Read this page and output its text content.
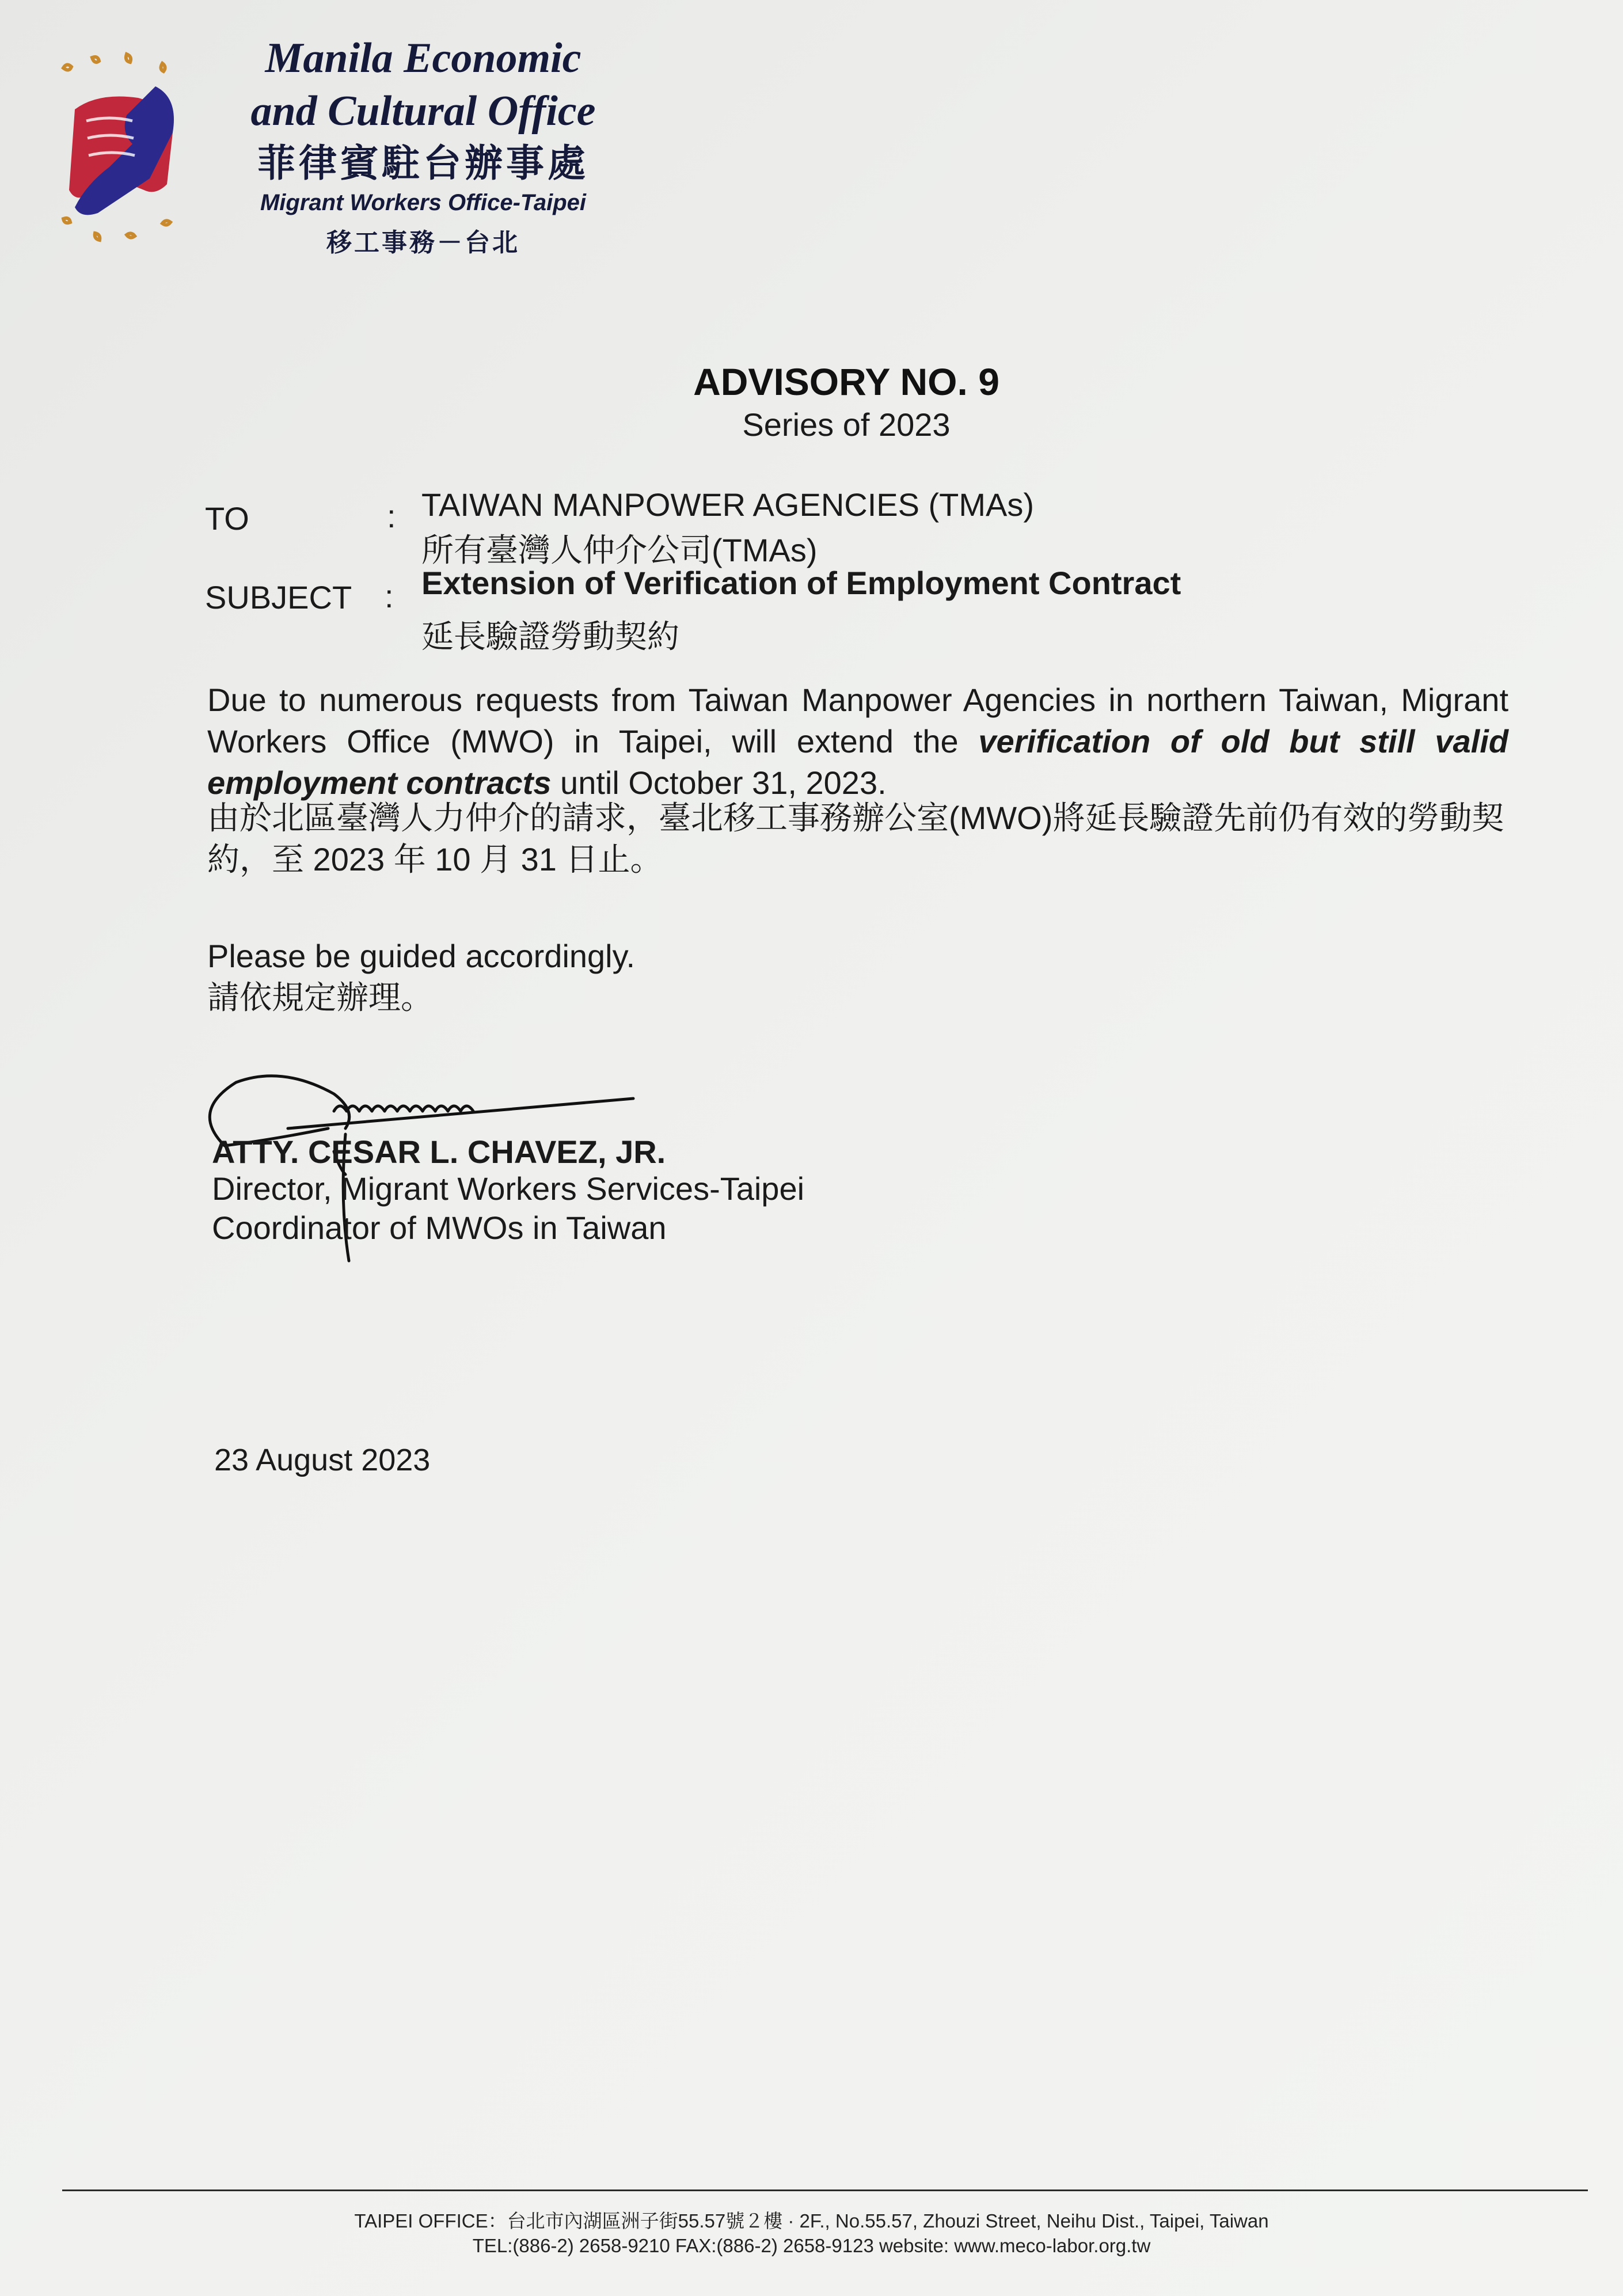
Manila Economic
and Cultural Office
菲律賓駐台辦事處
Migrant Workers Office-Taipei
移工事務－台北
ADVISORY NO. 9
Series of 2023
TO	: TAIWAN MANPOWER AGENCIES (TMAs)
所有臺灣人仲介公司(TMAs)
SUBJECT : Extension of Verification of Employment Contract
延長驗證勞動契約
Due to numerous requests from Taiwan Manpower Agencies in northern Taiwan, Migrant Workers Office (MWO) in Taipei, will extend the verification of old but still valid employment contracts until October 31, 2023.
由於北區臺灣人力仲介的請求，臺北移工事務辦公室(MWO)將延長驗證先前仍有效的勞動契約，至 2023 年 10 月 31 日止。
Please be guided accordingly.
請依規定辦理。
ATTY. CESAR L. CHAVEZ, JR.
Director, Migrant Workers Services-Taipei
Coordinator of MWOs in Taiwan
23 August 2023
TAIPEI OFFICE：台北市內湖區洲子街55.57號２樓 · 2F., No.55.57, Zhouzi Street, Neihu Dist., Taipei, Taiwan
TEL:(886-2) 2658-9210 FAX:(886-2) 2658-9123 website: www.meco-labor.org.tw
